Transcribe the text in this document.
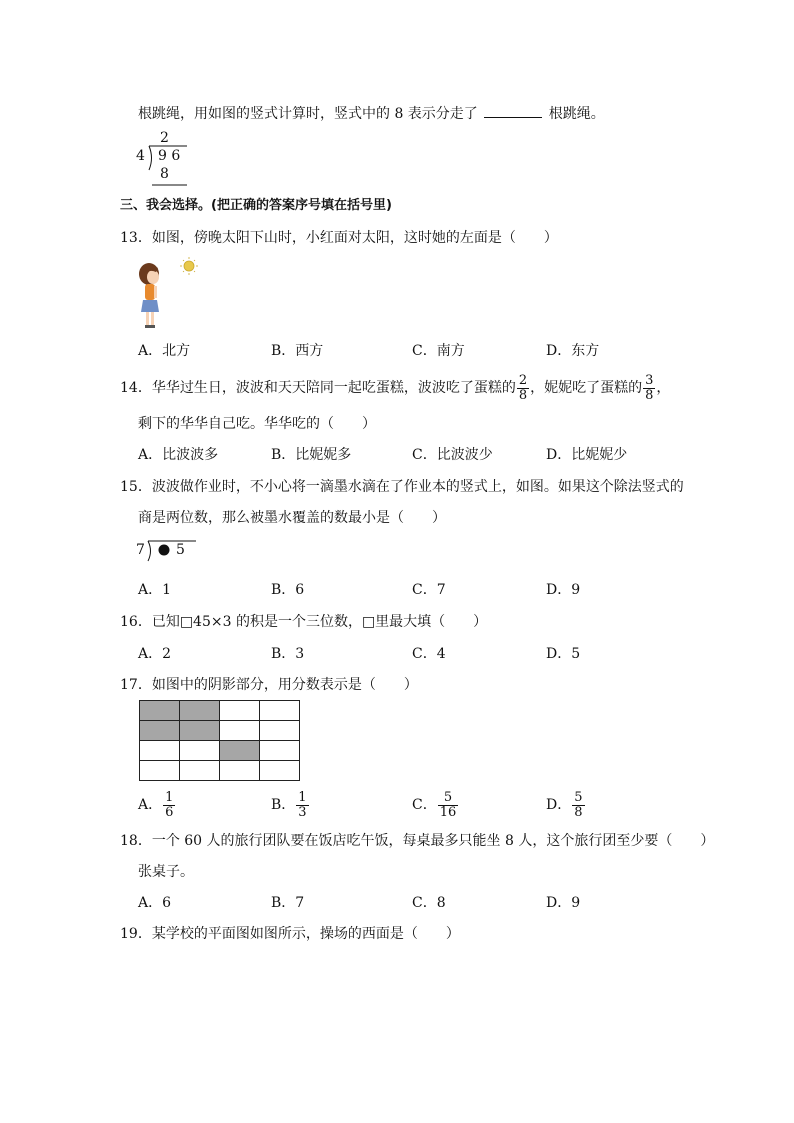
根跳绳，用如图的竖式计算时，竖式中的 8 表示分走了	根跳绳。
2
4 9 6
8
三、我会选择。(把正确的答案序号填在括号里)
13．如图，傍晚太阳下山时，小红面对太阳，这时她的左面是（　　）
A．北方	B．西方	C．南方	D．东方
14．华华过生日，波波和天天陪同一起吃蛋糕，波波吃了蛋糕的 $\frac{2}{8}$ ，妮妮吃了蛋糕的 $\frac{3}{8}$ ，
剩下的华华自己吃。华华吃的（　　）
A．比波波多	B．比妮妮多	C．比波波少	D．比妮妮少
15．波波做作业时，不小心将一滴墨水滴在了作业本的竖式上，如图。如果这个除法竖式的
商是两位数，那么被墨水覆盖的数最小是（　　）
7 5
A．1	B．6	C．7	D．9
16．已知□45×3 的积是一个三位数，□里最大填（　　）
A．2	B．3	C．4	D．5
17．如图中的阴影部分，用分数表示是（　　）

A． $\frac{1}{6}$	B． $\frac{1}{3}$	C． $\frac{5}{16}$	D． $\frac{5}{8}$
18．一个 60 人的旅行团队要在饭店吃午饭，每桌最多只能坐 8 人，这个旅行团至少要（　　）
张桌子。
A．6	B．7	C．8	D．9
19．某学校的平面图如图所示，操场的西面是（　　）
